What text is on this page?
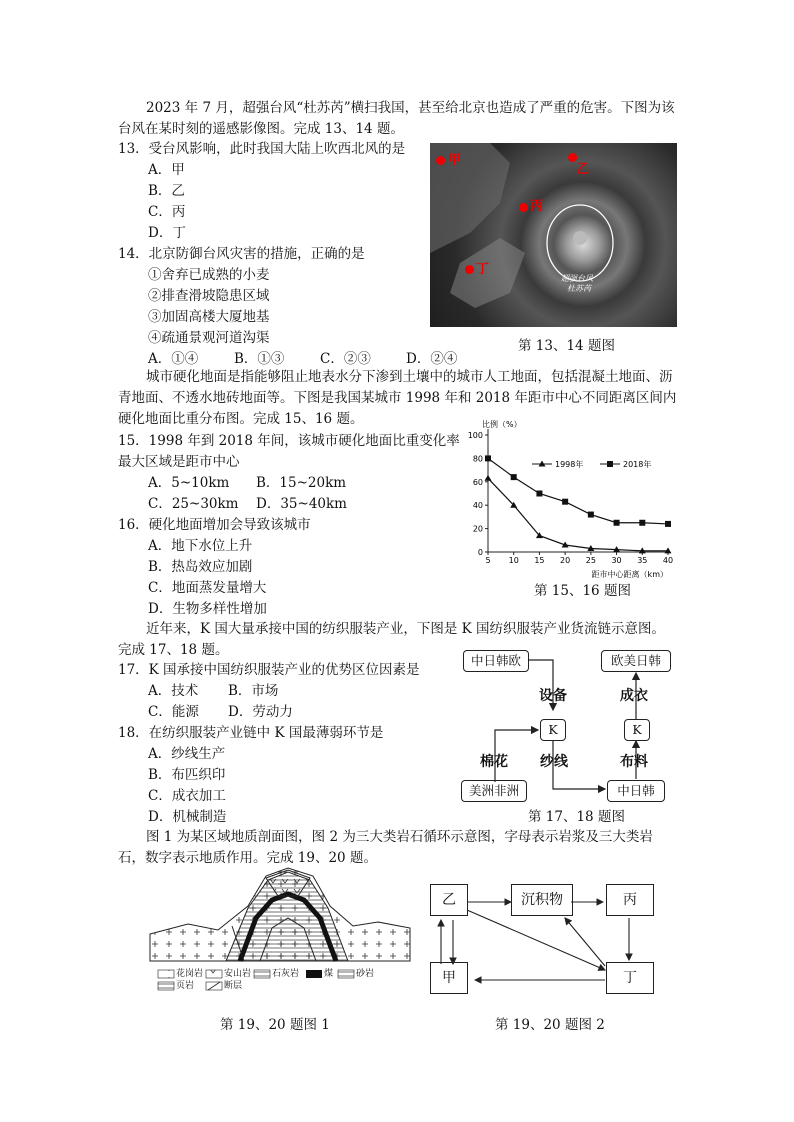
2023 年 7 月，超强台风“杜苏芮”横扫我国，甚至给北京也造成了严重的危害。下图为该台风在某时刻的遥感影像图。完成 13、14 题。
13．受台风影响，此时我国大陆上吹西北风的是
A．甲
B．乙
C．丙
D．丁
14．北京防御台风灾害的措施，正确的是
①舍弃已成熟的小麦
②排查滑坡隐患区域
③加固高楼大厦地基
④疏通景观河道沟渠
A．①④	B．①③	C．②③	D．②④
甲
乙
丙
丁
超强台风
杜苏芮
第 13、14 题图
城市硬化地面是指能够阻止地表水分下渗到土壤中的城市人工地面，包括混凝土地面、沥青地面、不透水地砖地面等。下图是我国某城市 1998 年和 2018 年距市中心不同距离区间内硬化地面比重分布图。完成 15、16 题。
15．1998 年到 2018 年间，该城市硬化地面比重变化率
最大区域是距市中心
A．5~10km B．15~20km
C．25~30km D．35~40km
16．硬化地面增加会导致该城市
A．地下水位上升
B．热岛效应加剧
C．地面蒸发量增大
D．生物多样性增加
比例（%）
距市中心距离（km）
0
20
40
60
80
100
5 10 15 20 25 30 35 40
1998年	2018年
第 15、16 题图
近年来，K 国大量承接中国的纺织服装产业，下图是 K 国纺织服装产业货流链示意图。完成 17、18 题。
17．K 国承接中国纺织服装产业的优势区位因素是
A．技术 B．市场
C．能源 D．劳动力
18．在纺织服装产业链中 K 国最薄弱环节是
A．纱线生产
B．布匹织印
C．成衣加工
D．机械制造
中日韩欧	欧美日韩
设备	成衣
K	K
棉花 纱线	布料
美洲非洲	中日韩
第 17、18 题图
图 1 为某区域地质剖面图，图 2 为三大类岩石循环示意图，字母表示岩浆及三大类岩石，数字表示地质作用。完成 19、20 题。
花岗岩 安山岩 石灰岩	煤	砂岩
页岩	断层
第 19、20 题图 1
乙	沉积物	丙
甲	丁
第 19、20 题图 2
